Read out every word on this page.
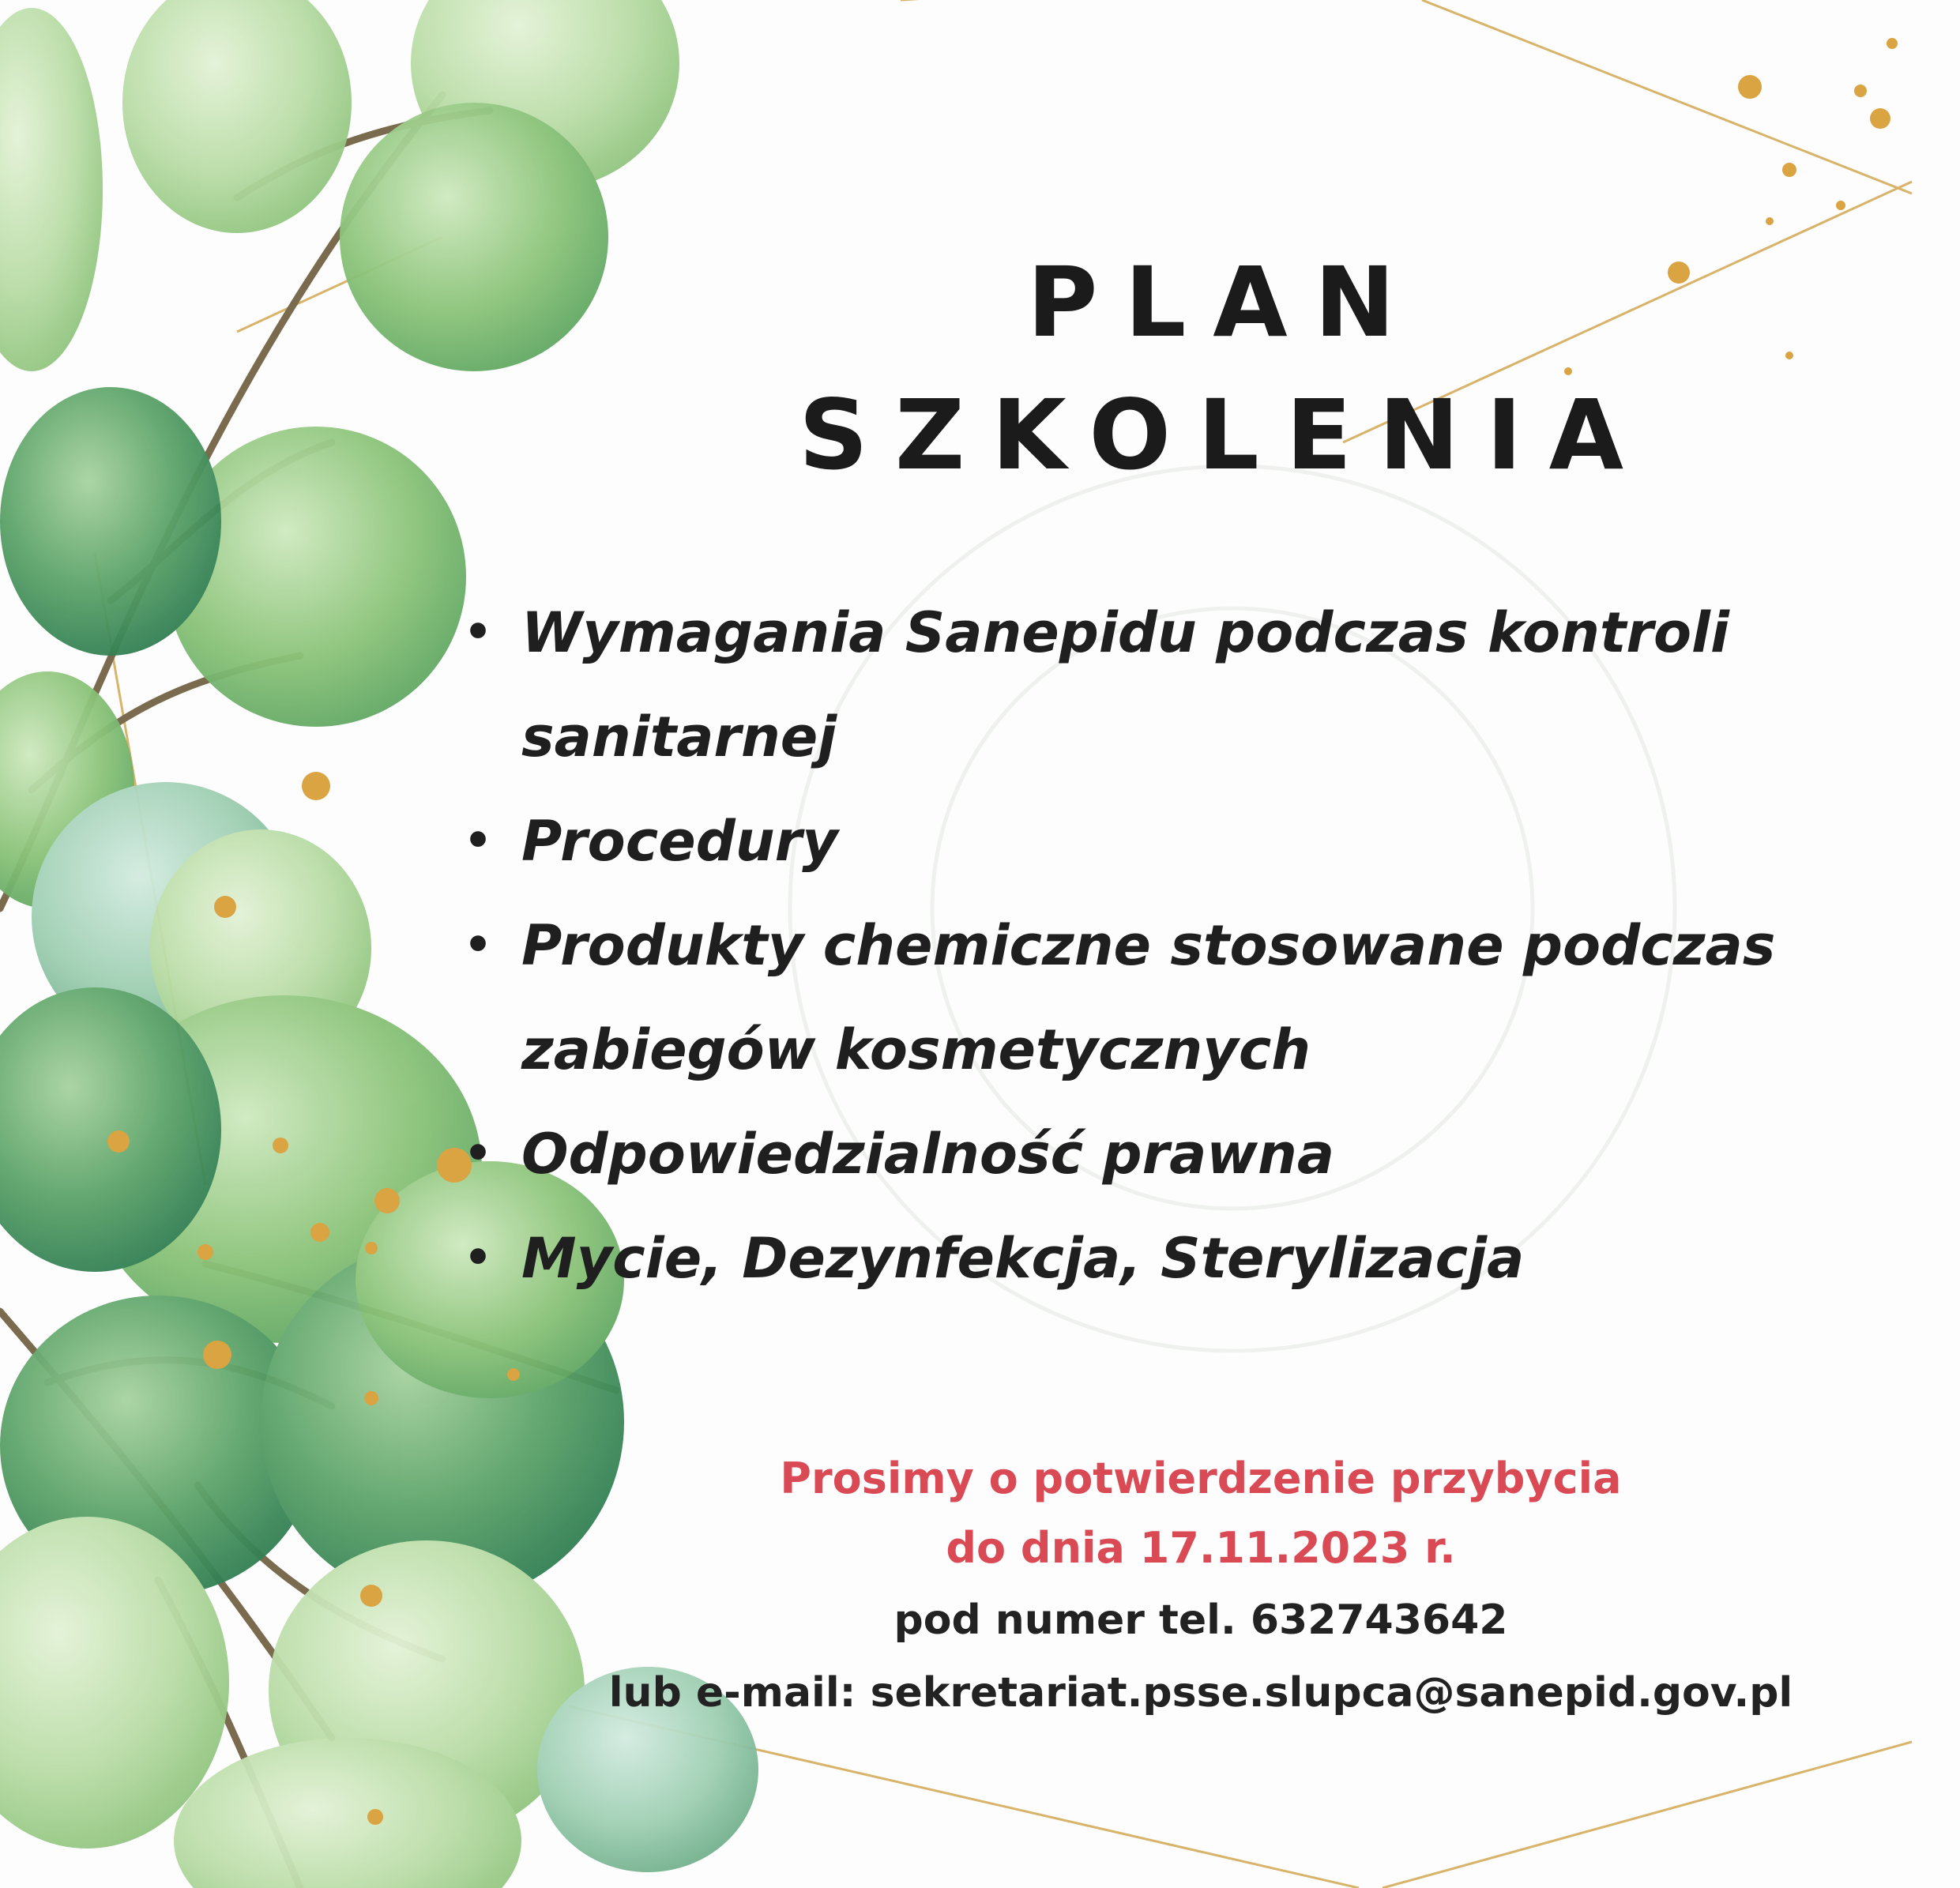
PLAN
SZKOLENIA
• Wymagania Sanepidu podczas kontroli sanitarnej
• Procedury
• Produkty chemiczne stosowane podczas zabiegów kosmetycznych
• Odpowiedzialność prawna
• Mycie, Dezynfekcja, Sterylizacja
Prosimy o potwierdzenie przybycia
do dnia 17.11.2023 r.
pod numer tel. 632743642
lub e-mail: sekretariat.psse.slupca@sanepid.gov.pl
